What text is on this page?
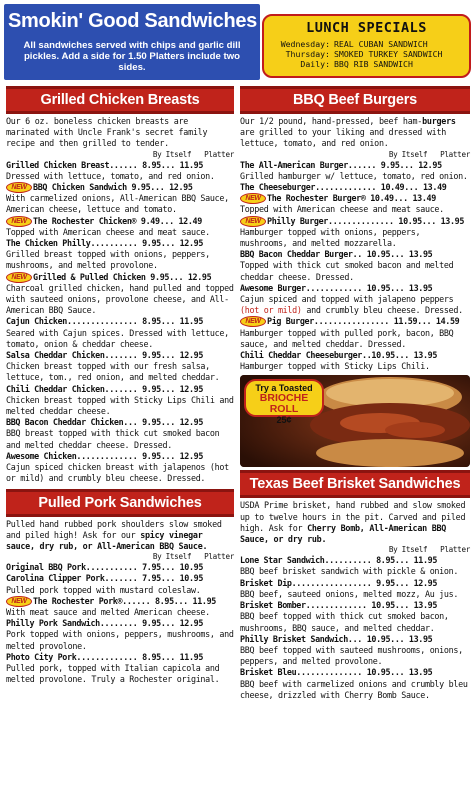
Smokin' Good Sandwiches
All sandwiches served with chips and garlic dill pickles. Add a side for 1.50 Platters include two sides.
LUNCH SPECIALS
Wednesday: REAL CUBAN SANDWICH
Thursday: SMOKED TURKEY SANDWICH
Daily: BBQ RIB SANDWICH
Grilled Chicken Breasts
Our 6 oz. boneless chicken breasts are marinated with Uncle Frank's secret family recipe and then grilled to tender.
By Itself   Platter
Grilled Chicken Breast...... 8.95... 11.95
Dressed with lettuce, tomato, and red onion.
NEW BBQ Chicken Sandwich 9.95... 12.95
With carmelized onions, All-American BBQ Sauce, American cheese, lettuce and tomato.
NEW The Rochester Chicken® 9.49... 12.49
Topped with American cheese and meat sauce.
The Chicken Philly.......... 9.95... 12.95
Grilled breast topped with onions, peppers, mushrooms, and melted provolone.
NEW Grilled & Pulled Chicken 9.95... 12.95
Charcoal grilled chicken, hand pulled and topped with sauteed onions, provolone cheese, and All-American BBQ Sauce.
Cajun Chicken............... 8.95... 11.95
Seared with Cajun spices. Dressed with lettuce, tomato, onion & cheddar cheese.
Salsa Cheddar Chicken....... 9.95... 12.95
Chicken breast topped with our fresh salsa, lettuce, tom., red onion, and melted cheddar.
Chili Cheddar Chicken....... 9.95... 12.95
Chicken breast topped with Sticky Lips Chili and melted cheddar cheese.
BBQ Bacon Cheddar Chicken... 9.95... 12.95
BBQ breast topped with thick cut smoked bacon and melted cheddar cheese. Dressed.
Awesome Chicken............. 9.95... 12.95
Cajun spiced chicken breast with jalapenos (hot or mild) and crumbly bleu cheese. Dressed.
Pulled Pork Sandwiches
Pulled hand rubbed pork shoulders slow smoked and piled high! Ask for our spicy vinegar sauce, dry rub, or All-American BBQ Sauce.
By Itself   Platter
Original BBQ Pork........... 7.95... 10.95
Carolina Clipper Pork....... 7.95... 10.95
Pulled pork topped with mustard coleslaw.
NEW The Rochester Pork®...... 8.95... 11.95
With meat sauce and melted American cheese.
Philly Pork Sandwich........ 9.95... 12.95
Pork topped with onions, peppers, mushrooms, and melted provolone.
Photo City Pork............. 8.95... 11.95
Pulled pork, topped with Italian capicola and melted provolone. Truly a Rochester original.
BBQ Beef Burgers
Our 1/2 pound, hand-pressed, beef ham-burgers are grilled to your liking and dressed with lettuce, tomato, and red onion.
By Itself   Platter
The All-American Burger...... 9.95... 12.95
Grilled hamburger w/ lettuce, tomato, red onion.
The Cheeseburger............. 10.49... 13.49
NEW The Rochester Burger® 10.49... 13.49
Topped with American cheese and meat sauce.
NEW Philly Burger.............. 10.95... 13.95
Hamburger topped with onions, peppers, mushrooms, and melted mozzarella.
BBQ Bacon Cheddar Burger.. 10.95... 13.95
Topped with thick cut smoked bacon and melted cheddar cheese. Dressed.
Awesome Burger............ 10.95... 13.95
Cajun spiced and topped with jalapeno peppers (hot or mild) and crumbly bleu cheese. Dressed.
NEW Pig Burger................ 11.59... 14.59
Hamburger topped with pulled pork, bacon, BBQ sauce, and melted cheddar. Dressed.
Chili Cheddar Cheeseburger..10.95... 13.95
Hamburger topped with Sticky Lips Chili.
Try a Toasted
BRIOCHE ROLL
25¢
Texas Beef Brisket Sandwiches
USDA Prime brisket, hand rubbed and slow smoked up to twelve hours in the pit. Carved and piled high. Ask for Cherry Bomb, All-American BBQ Sauce, or dry rub.
By Itself   Platter
Lone Star Sandwich.......... 8.95... 11.95
BBQ beef brisket sandwich with pickle & onion.
Brisket Dip................. 9.95... 12.95
BBQ beef, sauteed onions, melted mozz, Au jus.
Brisket Bomber............. 10.95... 13.95
BBQ beef topped with thick cut smoked bacon, mushrooms, BBQ sauce, and melted cheddar.
Philly Brisket Sandwich... 10.95... 13.95
BBQ beef topped with sauteed mushrooms, onions, peppers, and melted provolone.
Brisket Bleu.............. 10.95... 13.95
BBQ beef with carmelized onions and crumbly bleu cheese, drizzled with Cherry Bomb Sauce.
